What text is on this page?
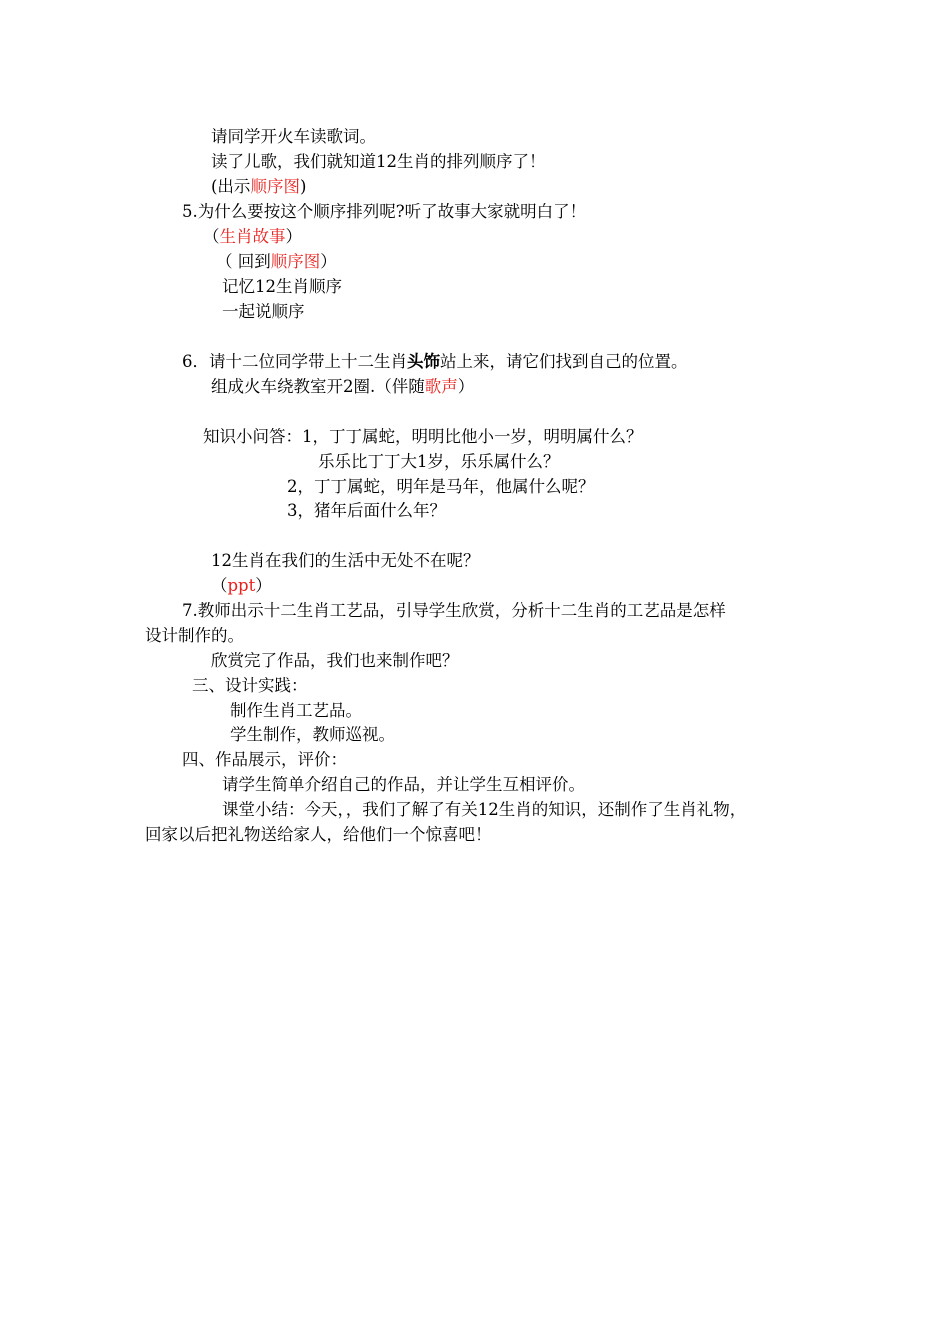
请同学开火车读歌词。
读了儿歌，我们就知道12生肖的排列顺序了！
(出示顺序图)
5.为什么要按这个顺序排列呢?听了故事大家就明白了！
（生肖故事）
（ 回到顺序图）
记忆12生肖顺序
一起说顺序
6．请十二位同学带上十二生肖头饰站上来，请它们找到自己的位置。
组成火车绕教室开2圈.（伴随歌声）
知识小问答：1，丁丁属蛇，明明比他小一岁，明明属什么？
乐乐比丁丁大1岁，乐乐属什么？
2，丁丁属蛇，明年是马年，他属什么呢？
3，猪年后面什么年？
12生肖在我们的生活中无处不在呢？
（ppt）
7.教师出示十二生肖工艺品，引导学生欣赏，分析十二生肖的工艺品是怎样
设计制作的。
欣赏完了作品，我们也来制作吧？
三、设计实践：
制作生肖工艺品。
学生制作，教师巡视。
四、作品展示，评价：
请学生简单介绍自己的作品，并让学生互相评价。
课堂小结：今天，，我们了解了有关12生肖的知识，还制作了生肖礼物，
回家以后把礼物送给家人，给他们一个惊喜吧！
